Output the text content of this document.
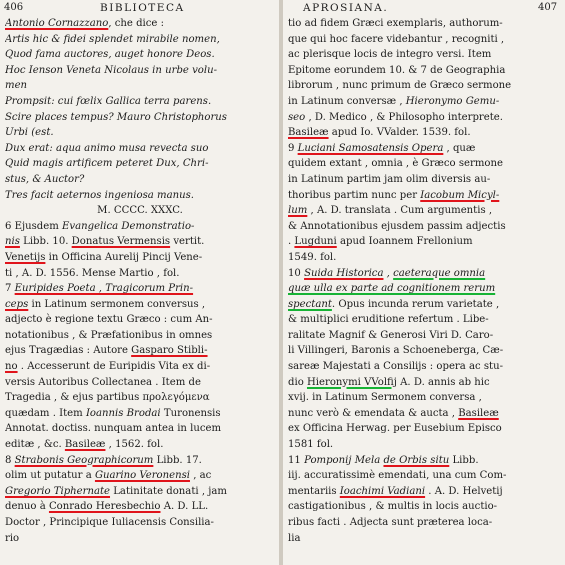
406	BIBLIOTECA
Antonio Cornazzano, che dice :
Artis hic & fidei splendet mirabile nomen,
Quod fama auctores, auget honore Deos.
Hoc Ienson Veneta Nicolaus in urbe volu-
men
Prompsit: cui fœlix Gallica terra parens.
Scire places tempus? Mauro Christophorus
Urbi (est.
Dux erat: aqua animo musa revecta suo
Quid magis artificem peteret Dux, Chri-
stus, & Auctor?
Tres facit aeternos ingeniosa manus.
M. CCCC. XXXC.
6 Ejusdem Evangelica Demonstratio-
nis Libb. 10. Donatus Vermensis vertit.
Venetijs in Officina Aurelij Pincij Vene-
ti , A. D. 1556. Mense Martio , fol.
7 Euripides Poeta , Tragicorum Prin-
ceps in Latinum sermonem conversus ,
adjecto è regione textu Græco : cum An-
notationibus , & Præfationibus in omnes
ejus Tragædias : Autore Gasparo Stibli-
no . Accesserunt de Euripidis Vita ex di-
versis Autoribus Collectanea . Item de
Tragedia , & ejus partibus προλεγόμενα
quædam . Item Ioannis Brodai Turonensis
Annotat. doctiss. nunquam antea in lucem
editæ , &c. Basileæ , 1562. fol.
8 Strabonis Geographicorum Libb. 17.
olim ut putatur a Guarino Veronensi , ac
Gregorio Tiphernate Latinitate donati , jam
denuo à Conrado Heresbechio A. D. LL.
Doctor , Principique Iuliacensis Consilia-
rio
APROSIANA.	407
tio ad fidem Græci exemplaris, authorum-
que qui hoc facere videbantur , recogniti ,
ac plerisque locis de integro versi. Item
Epitome eorundem 10. & 7 de Geographia
librorum , nunc primum de Græco sermone
in Latinum conversæ , Hieronymo Gemu-
seo , D. Medico , & Philosopho interprete.
Basileæ apud Io. VValder. 1539. fol.
9 Luciani Samosatensis Opera , quæ
quidem extant , omnia , è Græco sermone
in Latinum partim jam olim diversis au-
thoribus partim nunc per Iacobum Micyl-
lum , A. D. translata . Cum argumentis ,
& Annotationibus ejusdem passim adjectis
. Lugduni apud Ioannem Frellonium
1549. fol.
10 Suida Historica , caeteraque omnia
quæ ulla ex parte ad cognitionem rerum
spectant. Opus incunda rerum varietate ,
& multiplici eruditione refertum . Libe-
ralitate Magnif & Generosi Viri D. Caro-
li Villingeri, Baronis a Schoeneberga, Cæ-
sareæ Majestati a Consilijs : opera ac stu-
dio Hieronymi VVolfij A. D. annis ab hic
xvij. in Latinum Sermonem conversa ,
nunc verò & emendata & aucta , Basileæ
ex Officina Herwag. per Eusebium Episco
1581 fol.
11 Pomponij Mela de Orbis situ Libb.
iij. accuratissimè emendati, una cum Com-
mentariis Ioachimi Vadiani . A. D. Helvetij
castigationibus , & multis in locis auctio-
ribus facti . Adjecta sunt præterea loca-
lia
